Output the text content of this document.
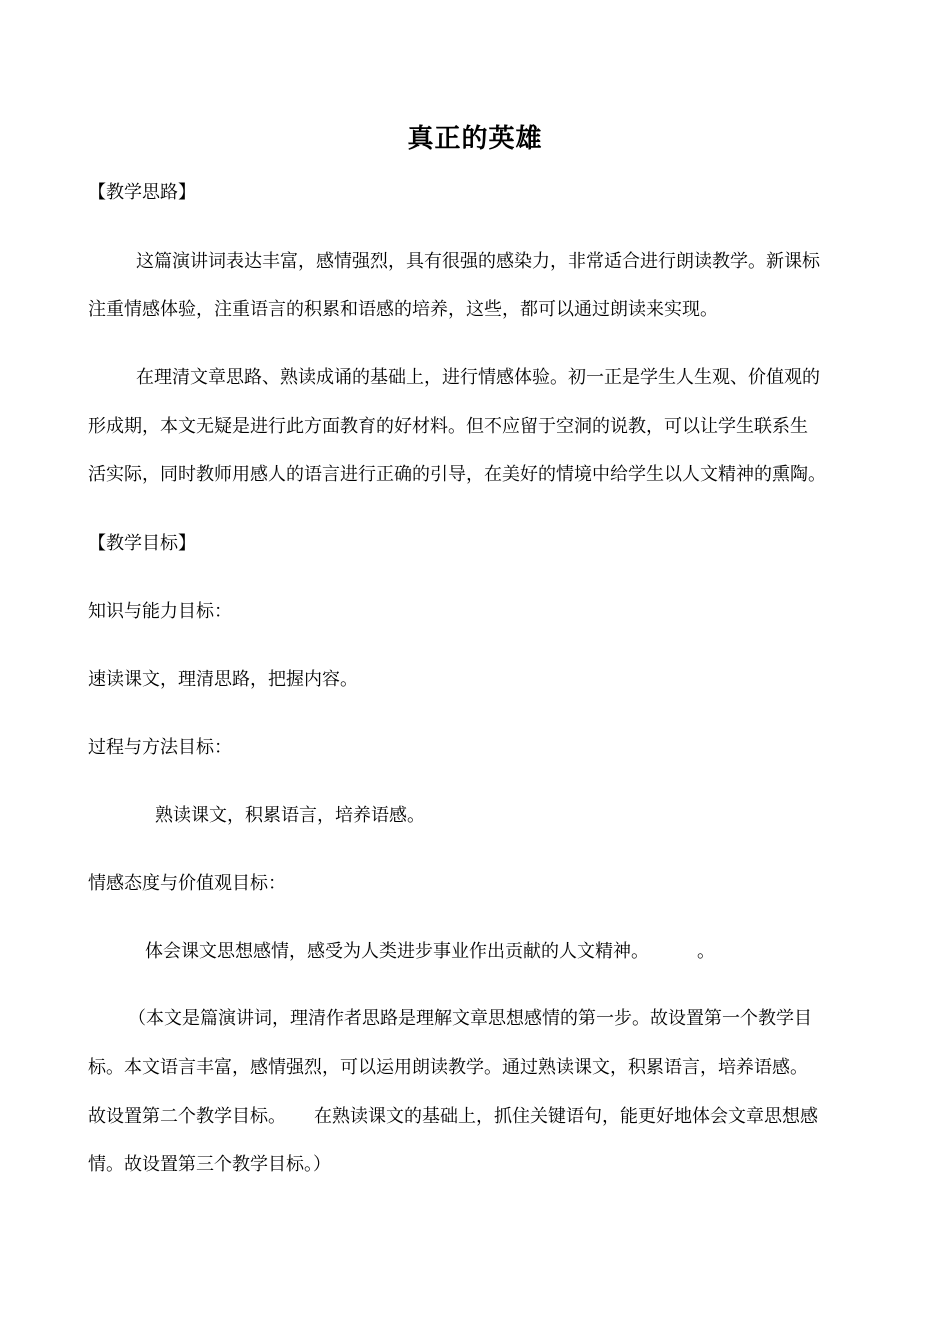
真正的英雄
【教学思路】
这篇演讲词表达丰富，感情强烈，具有很强的感染力，非常适合进行朗读教学。新课标
注重情感体验，注重语言的积累和语感的培养，这些，都可以通过朗读来实现。
在理清文章思路、熟读成诵的基础上，进行情感体验。初一正是学生人生观、价值观的
形成期，本文无疑是进行此方面教育的好材料。但不应留于空洞的说教，可以让学生联系生
活实际，同时教师用感人的语言进行正确的引导，在美好的情境中给学生以人文精神的熏陶。
【教学目标】
知识与能力目标：
速读课文，理清思路，把握内容。
过程与方法目标：
熟读课文，积累语言，培养语感。
情感态度与价值观目标：
体会课文思想感情，感受为人类进步事业作出贡献的人文精神。	。
（本文是篇演讲词，理清作者思路是理解文章思想感情的第一步。故设置第一个教学目
标。本文语言丰富，感情强烈，可以运用朗读教学。通过熟读课文，积累语言，培养语感。
故设置第二个教学目标。 在熟读课文的基础上，抓住关键语句，能更好地体会文章思想感
情。故设置第三个教学目标。）
